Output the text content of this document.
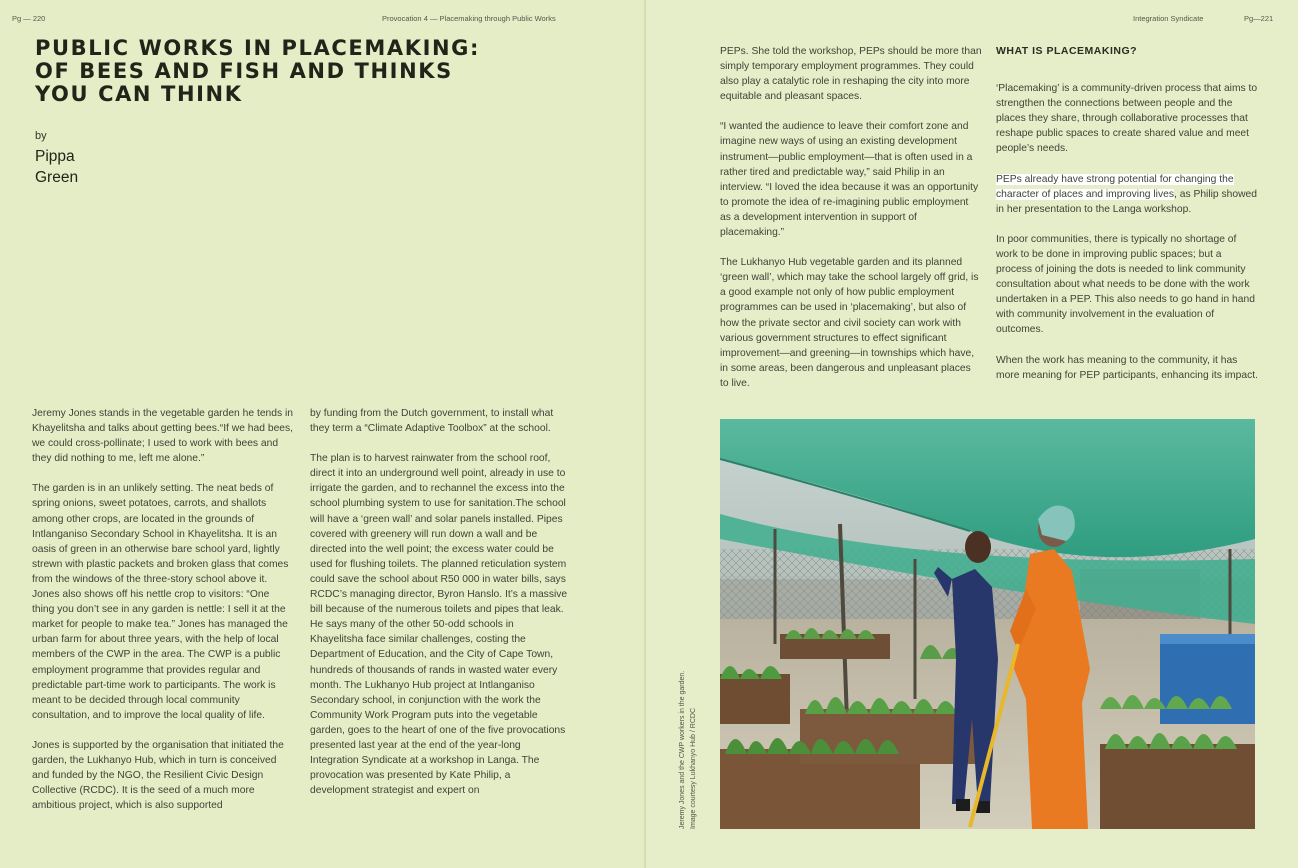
Pg — 220	Provocation 4 — Placemaking through Public Works	Integration Syndicate	Pg—221
PUBLIC WORKS IN PLACEMAKING:
OF BEES AND FISH AND THINKS
YOU CAN THINK
by
Pippa
Green

Jeremy Jones stands in the vegetable garden he tends in Khayelitsha and talks about getting bees.“If we had bees, we could cross-pollinate; I used to work with bees and they did nothing to me, left me alone.”

The garden is in an unlikely setting. The neat beds of spring onions, sweet potatoes, carrots, and shallots among other crops, are located in the grounds of Intlanganiso Secondary School in Khayelitsha. It is an oasis of green in an otherwise bare school yard, lightly strewn with plastic packets and broken glass that comes from the windows of the three-story school above it. Jones also shows off his nettle crop to visitors: “One thing you don’t see in any garden is nettle: I sell it at the market for people to make tea.” Jones has managed the urban farm for about three years, with the help of local members of the CWP in the area. The CWP is a public employment programme that provides regular and predictable part-time work to participants. The work is meant to be decided through local community consultation, and to improve the local quality of life.

Jones is supported by the organisation that initiated the garden, the Lukhanyo Hub, which in turn is conceived and funded by the NGO, the Resilient Civic Design Collective (RCDC). It is the seed of a much more ambitious project, which is also supported

by funding from the Dutch government, to install what they term a “Climate Adaptive Toolbox” at the school.

The plan is to harvest rainwater from the school roof, direct it into an underground well point, already in use to irrigate the garden, and to rechannel the excess into the school plumbing system to use for sanitation.The school will have a ‘green wall’ and solar panels installed. Pipes covered with greenery will run down a wall and be directed into the well point; the excess water could be used for flushing toilets. The planned reticulation system could save the school about R50 000 in water bills, says RCDC’s managing director, Byron Hanslo. It’s a massive bill because of the numerous toilets and pipes that leak. He says many of the other 50-odd schools in Khayelitsha face similar challenges, costing the Department of Education, and the City of Cape Town, hundreds of thousands of rands in wasted water every month. The Lukhanyo Hub project at Intlanganiso Secondary school, in conjunction with the work the Community Work Program puts into the vegetable garden, goes to the heart of one of the five provocations presented last year at the end of the year-long Integration Syndicate at a workshop in Langa. The provocation was presented by Kate Philip, a development strategist and expert on

PEPs. She told the workshop, PEPs should be more than simply temporary employment programmes. They could also play a catalytic role in reshaping the city into more equitable and pleasant spaces.

“I wanted the audience to leave their comfort zone and imagine new ways of using an existing development instrument—public employment—that is often used in a rather tired and predictable way,” said Philip in an interview. “I loved the idea because it was an opportunity to promote the idea of re-imagining public employment as a development intervention in support of placemaking.”

The Lukhanyo Hub vegetable garden and its planned ‘green wall’, which may take the school largely off grid, is a good example not only of how public employment programmes can be used in ‘placemaking’, but also of how the private sector and civil society can work with various government structures to effect significant improvement—and greening—in townships which have, in some areas, been dangerous and unpleasant places to live.

WHAT IS PLACEMAKING?

‘Placemaking’ is a community-driven process that aims to strengthen the connections between people and the places they share, through collaborative processes that reshape public spaces to create shared value and meet people’s needs.

PEPs already have strong potential for changing the character of places and improving lives, as Philip showed in her presentation to the Langa workshop.

In poor communities, there is typically no shortage of work to be done in improving public spaces; but a process of joining the dots is needed to link community consultation about what needs to be done with the work undertaken in a PEP. This also needs to go hand in hand with community involvement in the evaluation of outcomes.

When the work has meaning to the community, it has more meaning for PEP participants, enhancing its impact.

Jeremy Jones and the CWP workers in the garden. Image courtesy Lukhanyo Hub / RCDC
